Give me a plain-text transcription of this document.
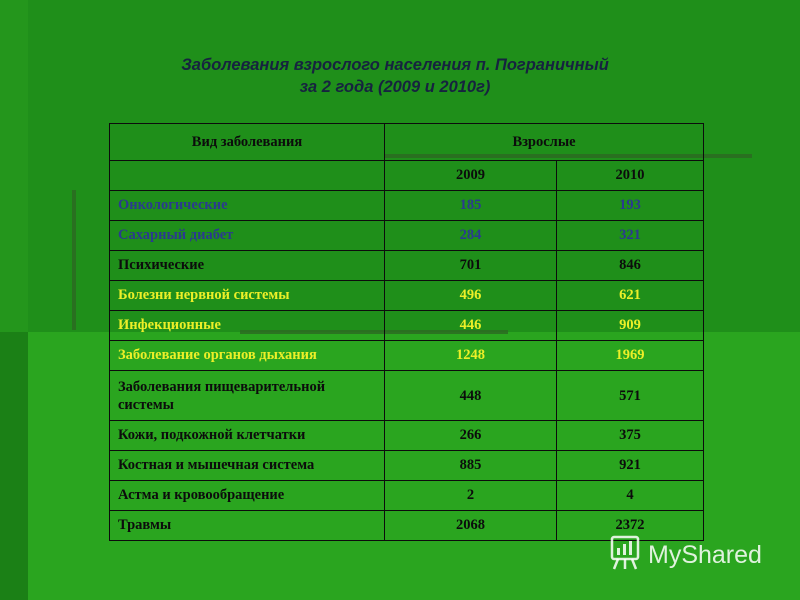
Заболевания взрослого населения п. Пограничный
за 2 года (2009 и 2010г)
Вид заболевания	Взрослые	
	2009	2010
Онкологические	185	193
Сахарный диабет	284	321
Психические	701	846
Болезни нервной системы	496	621
Инфекционные	446	909
Заболевание органов дыхания	1248	1969
Заболевания пищеварительной системы	448	571
Кожи, подкожной клетчатки	266	375
Костная и мышечная система	885	921
Астма и кровообращение	2	4
Травмы	2068	2372
MyShared
